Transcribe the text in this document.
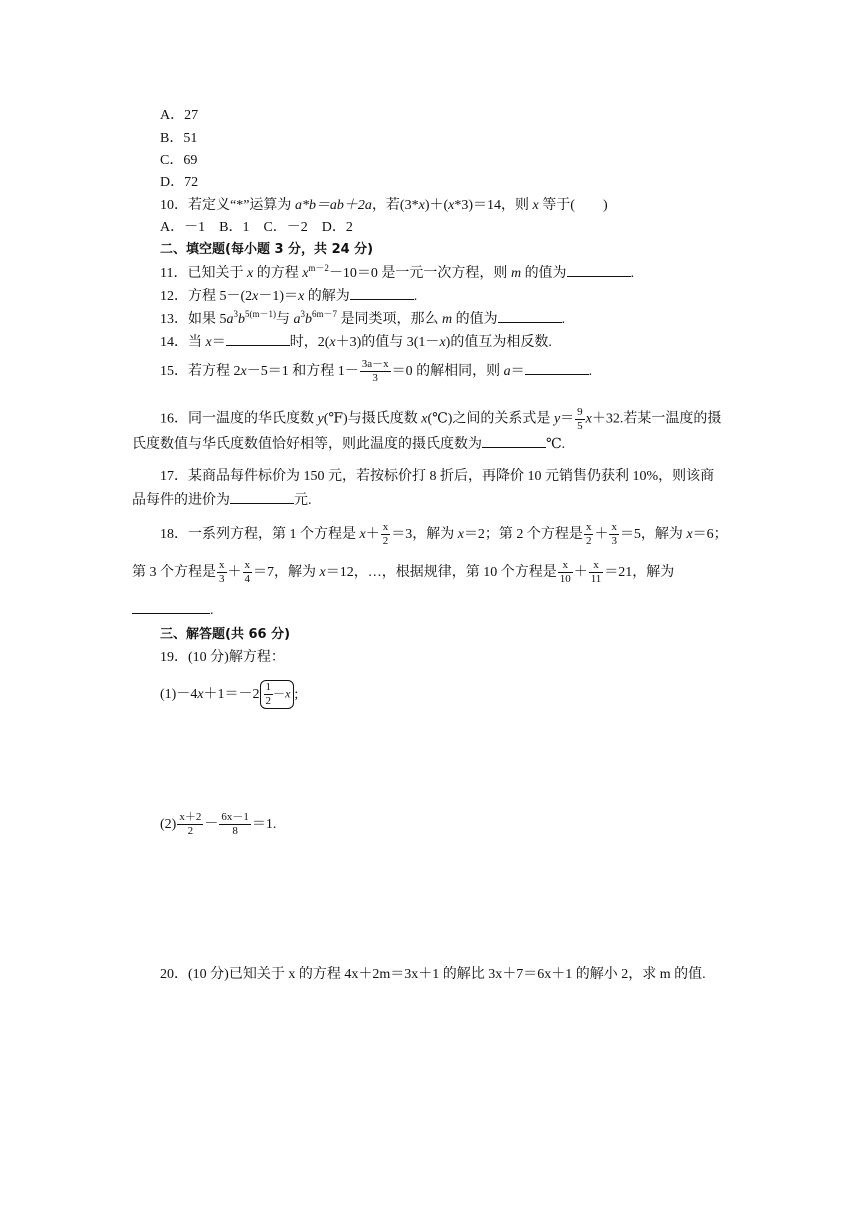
A．27
B．51
C．69
D．72
10．若定义“*”运算为 a*b＝ab＋2a，若(3*x)＋(x*3)＝14，则 x 等于( )
A．－1　B．1　C．－2　D．2
二、填空题(每小题 3 分，共 24 分)
11．已知关于 x 的方程 $x^{m-2}-10=0$ 是一元一次方程，则 m 的值为	.
12．方程 5－(2x－1)＝x 的解为	.
13．如果 $5a^3b^{5(m-1)}$与 $a^3b^{6m-7}$ 是同类项，那么 m 的值为	.
14．当 x＝	时，2(x＋3)的值与 3(1－x)的值互为相反数.
15．若方程 2x－5＝1 和方程 $1- \frac{3a-x}{3} =0$ 的解相同，则 a＝	.
　　16．同一温度的华氏度数 y(℉)与摄氏度数 x(℃)之间的关系式是 $y= \frac{9}{5} x+32$.若某一温度的摄氏度数值与华氏度数值恰好相等，则此温度的摄氏度数为	℃.
　　17．某商品每件标价为 150 元，若按标价打 8 折后，再降价 10 元销售仍获利 10%，则该商品每件的进价为	元.
　　18．一系列方程，第 1 个方程是 $x+ \frac{x}{2} =3$，解为 x＝2；第 2 个方程是 $\frac{x}{2} + \frac{x}{3} =5$，解为 x＝6；第 3 个方程是 $\frac{x}{3} + \frac{x}{4} =7$，解为 x＝12，…，根据规律，第 10 个方程是 $\frac{x}{10} + \frac{x}{11} =21$，解为.
三、解答题(共 66 分)
19．(10 分)解方程：
$(1)-4x+1=-2 \frac{1}{2} -x$ ;
$(2) \frac{x+2}{2} - \frac{6x-1}{8} =1$.
　　20．(10 分)已知关于 x 的方程 4x＋2m＝3x＋1 的解比 3x＋7＝6x＋1 的解小 2，求 m 的值.
